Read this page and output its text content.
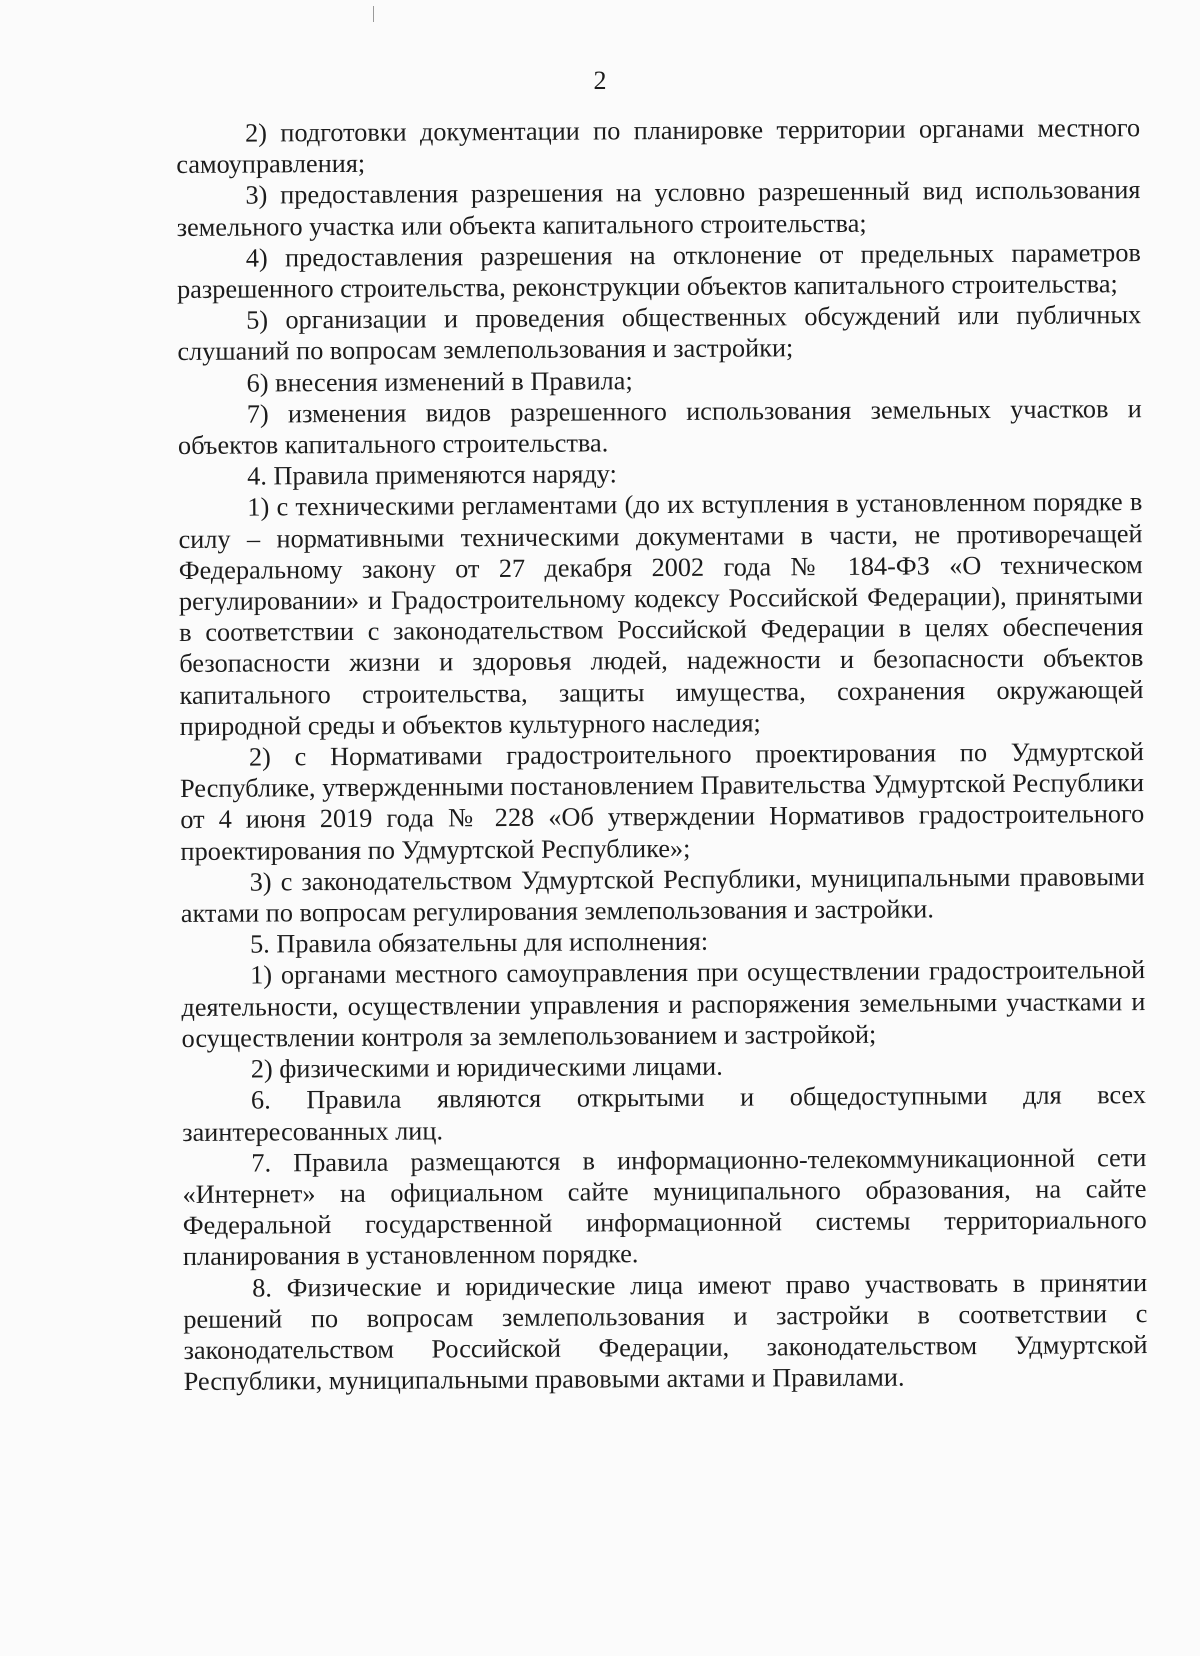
2

2) подготовки документации по планировке территории органами местного самоуправления;

3) предоставления разрешения на условно разрешенный вид использования земельного участка или объекта капитального строительства;

4) предоставления разрешения на отклонение от предельных параметров разрешенного строительства, реконструкции объектов капитального строительства;

5) организации и проведения общественных обсуждений или публичных слушаний по вопросам землепользования и застройки;

6) внесения изменений в Правила;

7) изменения видов разрешенного использования земельных участков и объектов капитального строительства.

4. Правила применяются наряду:

1) с техническими регламентами (до их вступления в установленном порядке в силу – нормативными техническими документами в части, не противоречащей Федеральному закону от 27 декабря 2002 года № 184-ФЗ «О техническом регулировании» и Градостроительному кодексу Российской Федерации), принятыми в соответствии с законодательством Российской Федерации в целях обеспечения безопасности жизни и здоровья людей, надежности и безопасности объектов капитального строительства, защиты имущества, сохранения окружающей природной среды и объектов культурного наследия;

2) с Нормативами градостроительного проектирования по Удмуртской Республике, утвержденными постановлением Правительства Удмуртской Республики от 4 июня 2019 года № 228 «Об утверждении Нормативов градостроительного проектирования по Удмуртской Республике»;

3) с законодательством Удмуртской Республики, муниципальными правовыми актами по вопросам регулирования землепользования и застройки.

5. Правила обязательны для исполнения:

1) органами местного самоуправления при осуществлении градостроительной деятельности, осуществлении управления и распоряжения земельными участками и осуществлении контроля за землепользованием и застройкой;

2) физическими и юридическими лицами.

6. Правила являются открытыми и общедоступными для всех заинтересованных лиц.

7. Правила размещаются в информационно-телекоммуникационной сети «Интернет» на официальном сайте муниципального образования, на сайте Федеральной государственной информационной системы территориального планирования в установленном порядке.

8. Физические и юридические лица имеют право участвовать в принятии решений по вопросам землепользования и застройки в соответствии с законодательством Российской Федерации, законодательством Удмуртской Республики, муниципальными правовыми актами и Правилами.
